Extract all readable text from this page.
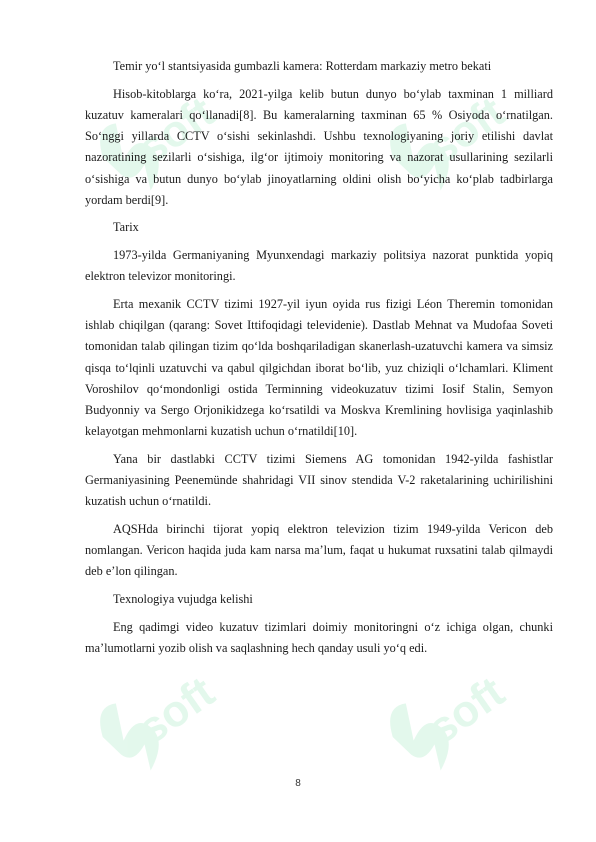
soft	soft
soft	soft

Temir yo‘l stantsiyasida gumbazli kamera: Rotterdam markaziy metro bekati

Hisob-kitoblarga ko‘ra, 2021-yilga kelib butun dunyo bo‘ylab taxminan 1 milliard kuzatuv kameralari qo‘llanadi[8]. Bu kameralarning taxminan 65 % Osiyoda o‘rnatilgan. So‘nggi yillarda CCTV o‘sishi sekinlashdi. Ushbu texnologiyaning joriy etilishi davlat nazoratining sezilarli o‘sishiga, ilg‘or ijtimoiy monitoring va nazorat usullarining sezilarli o‘sishiga va butun dunyo bo‘ylab jinoyatlarning oldini olish bo‘yicha ko‘plab tadbirlarga yordam berdi[9].

Tarix

1973-yilda Germaniyaning Myunxendagi markaziy politsiya nazorat punktida yopiq elektron televizor monitoringi.

Erta mexanik CCTV tizimi 1927-yil iyun oyida rus fizigi Léon Theremin tomonidan ishlab chiqilgan (qarang: Sovet Ittifoqidagi televidenie). Dastlab Mehnat va Mudofaa Soveti tomonidan talab qilingan tizim qo‘lda boshqariladigan skanerlash-uzatuvchi kamera va simsiz qisqa to‘lqinli uzatuvchi va qabul qilgichdan iborat bo‘lib, yuz chiziqli o‘lchamlari. Kliment Voroshilov qo‘mondonligi ostida Terminning videokuzatuv tizimi Iosif Stalin, Semyon Budyonniy va Sergo Orjonikidzega ko‘rsatildi va Moskva Kremlining hovlisiga yaqinlashib kelayotgan mehmonlarni kuzatish uchun o‘rnatildi[10].

Yana bir dastlabki CCTV tizimi Siemens AG tomonidan 1942-yilda fashistlar Germaniyasining Peenemünde shahridagi VII sinov stendida V-2 raketalarining uchirilishini kuzatish uchun o‘rnatildi.

AQSHda birinchi tijorat yopiq elektron televizion tizim 1949-yilda Vericon deb nomlangan. Vericon haqida juda kam narsa ma’lum, faqat u hukumat ruxsatini talab qilmaydi deb e’lon qilingan.

Texnologiya vujudga kelishi

Eng qadimgi video kuzatuv tizimlari doimiy monitoringni o‘z ichiga olgan, chunki ma’lumotlarni yozib olish va saqlashning hech qanday usuli yo‘q edi.

8
